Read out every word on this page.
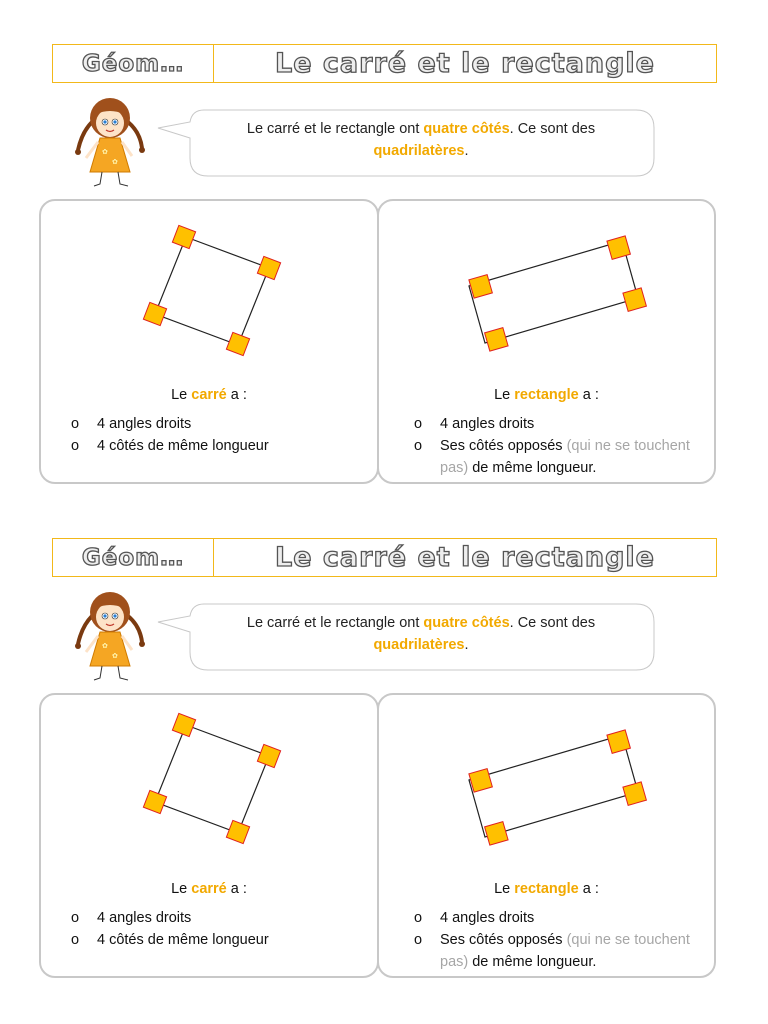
Géom…	Le carré et le rectangle
✿
✿
Le carré et le rectangle ont quatre côtés. Ce sont des
quadrilatères.
Le carré a :
o 4 angles droits
o 4 côtés de même longueur
Le rectangle a :
o 4 angles droits
o Ses côtés opposés (qui ne se touchent pas) de même longueur.
Géom…	Le carré et le rectangle
✿
✿
Le carré et le rectangle ont quatre côtés. Ce sont des
quadrilatères.
Le carré a :
o 4 angles droits
o 4 côtés de même longueur
Le rectangle a :
o 4 angles droits
o Ses côtés opposés (qui ne se touchent pas) de même longueur.
